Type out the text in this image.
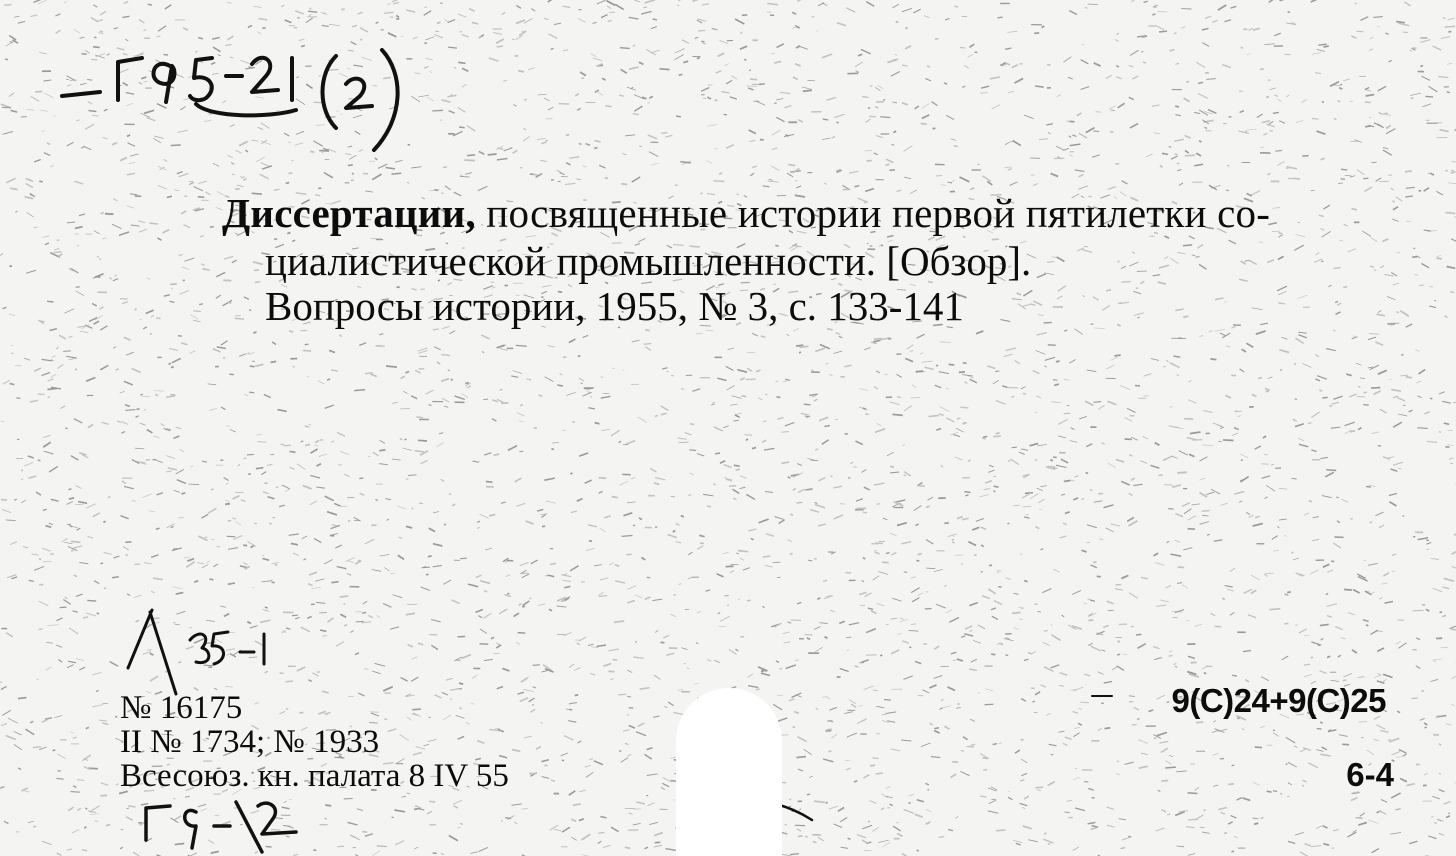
Диссертации, посвященные истории первой пятилетки со-
циалистической промышленности. [Обзор].
Вопросы истории, 1955, № 3, с. 133-141
№ 16175
II № 1734; № 1933
Всесоюз. кн. палата 8 IV 55
9(С)24+9(С)25
6-4
